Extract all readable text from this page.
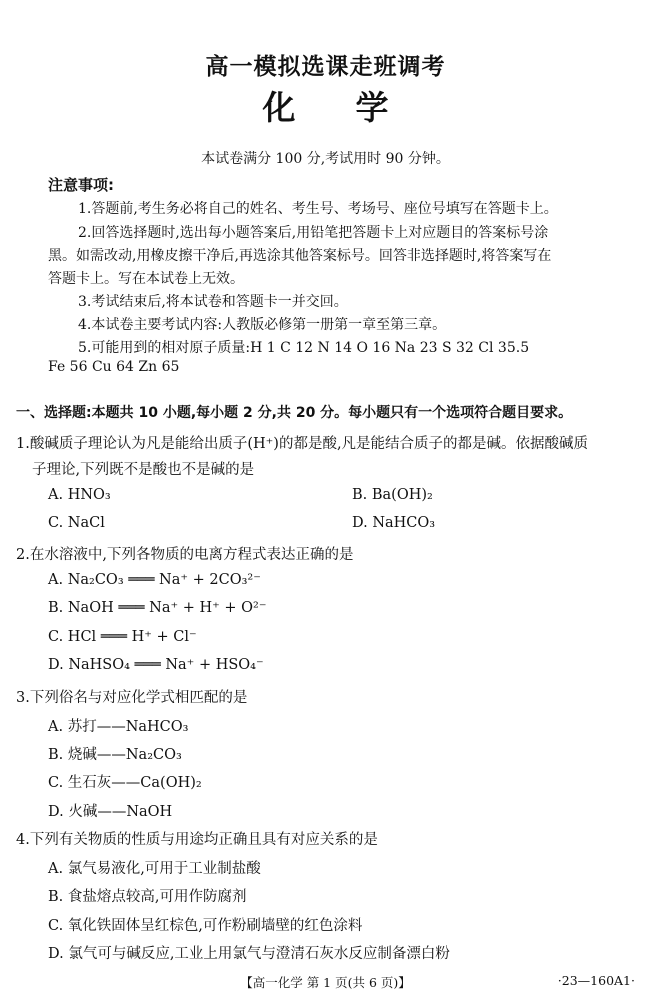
高一模拟选课走班调考
化学
本试卷满分 100 分,考试用时 90 分钟。
注意事项:
1.答题前,考生务必将自己的姓名、考生号、考场号、座位号填写在答题卡上。
2.回答选择题时,选出每小题答案后,用铅笔把答题卡上对应题目的答案标号涂
黑。如需改动,用橡皮擦干净后,再选涂其他答案标号。回答非选择题时,将答案写在
答题卡上。写在本试卷上无效。
3.考试结束后,将本试卷和答题卡一并交回。
4.本试卷主要考试内容:人教版必修第一册第一章至第三章。
5.可能用到的相对原子质量:H 1 C 12 N 14 O 16 Na 23 S 32 Cl 35.5
Fe 56 Cu 64 Zn 65
一、选择题:本题共 10 小题,每小题 2 分,共 20 分。每小题只有一个选项符合题目要求。
1.酸碱质子理论认为凡是能给出质子(H⁺)的都是酸,凡是能结合质子的都是碱。依据酸碱质
子理论,下列既不是酸也不是碱的是
A. HNO₃	B. Ba(OH)₂
C. NaCl	D. NaHCO₃
2.在水溶液中,下列各物质的电离方程式表达正确的是
A. Na₂CO₃ ═══ Na⁺ + 2CO₃²⁻
B. NaOH ═══ Na⁺ + H⁺ + O²⁻
C. HCl ═══ H⁺ + Cl⁻
D. NaHSO₄ ═══ Na⁺ + HSO₄⁻
3.下列俗名与对应化学式相匹配的是
A. 苏打——NaHCO₃
B. 烧碱——Na₂CO₃
C. 生石灰——Ca(OH)₂
D. 火碱——NaOH
4.下列有关物质的性质与用途均正确且具有对应关系的是
A. 氯气易液化,可用于工业制盐酸
B. 食盐熔点较高,可用作防腐剂
C. 氧化铁固体呈红棕色,可作粉刷墙壁的红色涂料
D. 氯气可与碱反应,工业上用氯气与澄清石灰水反应制备漂白粉
【高一化学 第 1 页(共 6 页)】	·23—160A1·
